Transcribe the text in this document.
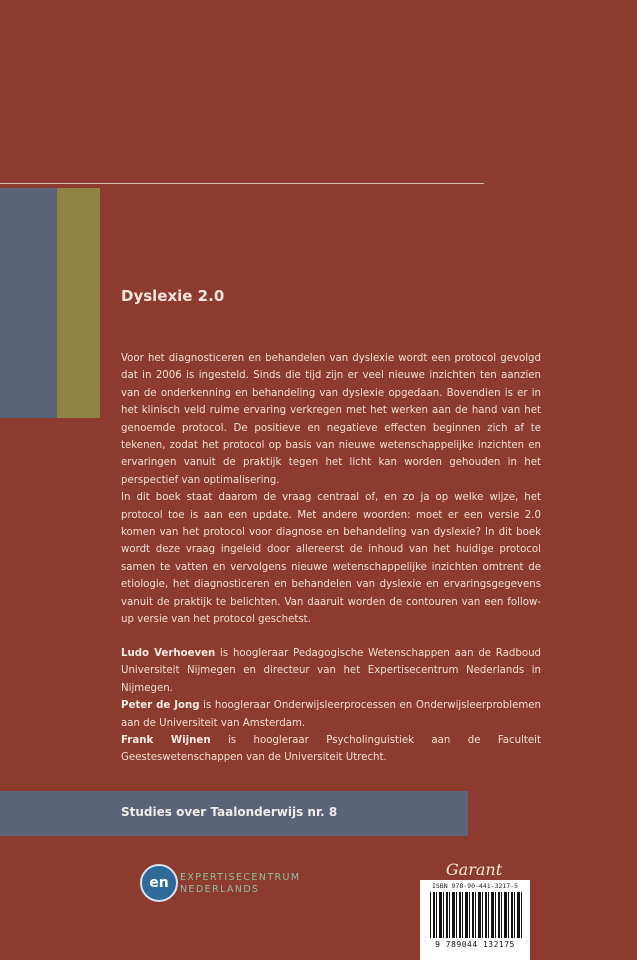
Dyslexie 2.0

Voor het diagnosticeren en behandelen van dyslexie wordt een protocol gevolgd dat in 2006 is ingesteld. Sinds die tijd zijn er veel nieuwe inzichten ten aanzien van de onderkenning en behandeling van dyslexie opgedaan. Bovendien is er in het klinisch veld ruime ervaring verkregen met het werken aan de hand van het genoemde protocol. De positieve en negatieve effecten beginnen zich af te tekenen, zodat het protocol op basis van nieuwe wetenschappelijke inzichten en ervaringen vanuit de praktijk tegen het licht kan worden gehouden in het perspectief van optimalisering.

In dit boek staat daarom de vraag centraal of, en zo ja op welke wijze, het protocol toe is aan een update. Met andere woorden: moet er een versie 2.0 komen van het protocol voor diagnose en behandeling van dyslexie? In dit boek wordt deze vraag ingeleid door allereerst de inhoud van het huidige protocol samen te vatten en vervolgens nieuwe wetenschappelijke inzichten omtrent de etiologie, het diagnosticeren en behandelen van dyslexie en ervaringsgegevens vanuit de praktijk te belichten. Van daaruit worden de contouren van een follow-up versie van het protocol geschetst.

Ludo Verhoeven is hoogleraar Pedagogische Wetenschappen aan de Radboud Universiteit Nijmegen en directeur van het Expertisecentrum Nederlands in Nijmegen.

Peter de Jong is hoogleraar Onderwijsleerprocessen en Onderwijsleerproblemen aan de Universiteit van Amsterdam.

Frank Wijnen is hoogleraar Psycholinguistiek aan de Faculteit Geesteswetenschappen van de Universiteit Utrecht.

Studies over Taalonderwijs nr. 8
en EXPERTISECENTRUM
NEDERLANDS
Garant
ISBN 978-90-441-3217-5
9 789044 132175
